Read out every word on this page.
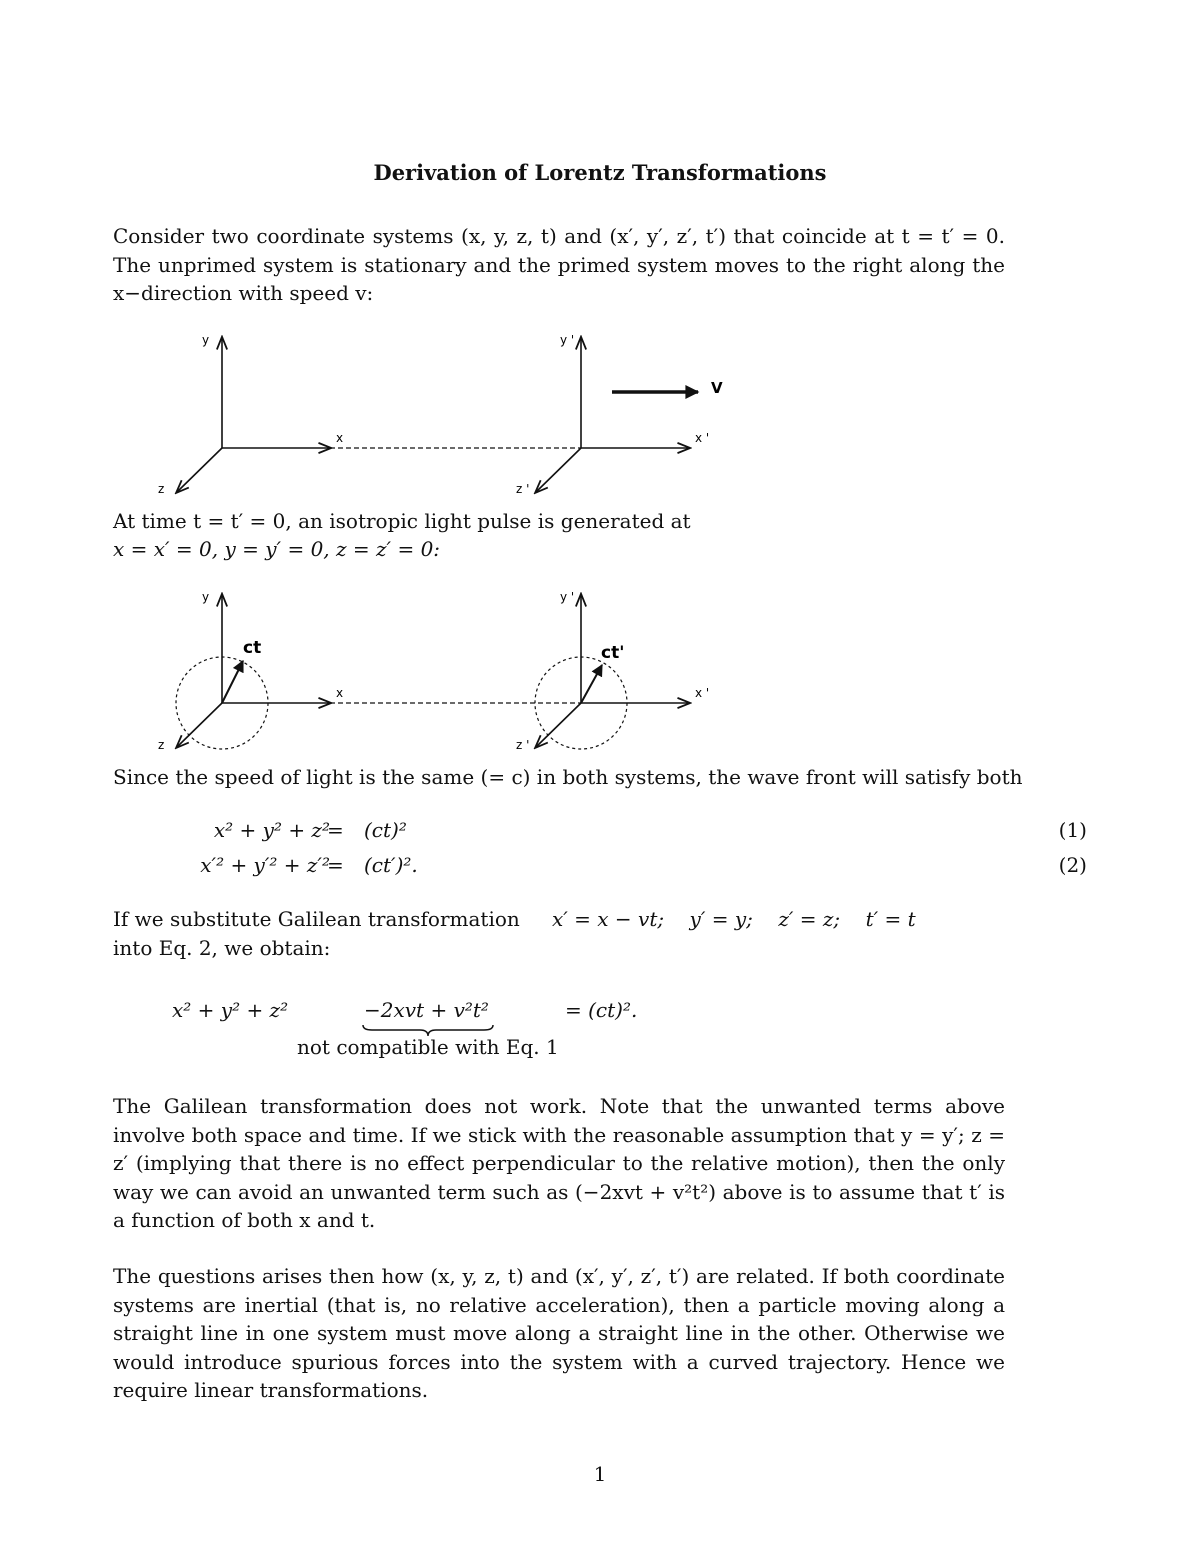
Derivation of Lorentz Transformations

Consider two coordinate systems (x, y, z, t) and (x′, y′, z′, t′) that coincide at t = t′ = 0. The unprimed system is stationary and the primed system moves to the right along the x−direction with speed v:

y
x
z
y '
x '
z '
V
At time t = t′ = 0, an isotropic light pulse is generated at
x = x′ = 0, y = y′ = 0, z = z′ = 0:
ct
y
x
z
ct'
y '
x '
z '
Since the speed of light is the same (= c) in both systems, the wave front will satisfy both
x² + y² + z²
= (ct)²	(1)
x′² + y′² + z′²
= (ct′)².	(2)
If we substitute Galilean transformation x′ = x − vt;    y′ = y;    z′ = z;    t′ = t
into Eq. 2, we obtain:
x² + y² + z²	−2xvt + v²t²	= (ct)².
not compatible with Eq. 1

The Galilean transformation does not work. Note that the unwanted terms above involve both space and time. If we stick with the reasonable assumption that y = y′; z = z′ (implying that there is no effect perpendicular to the relative motion), then the only way we can avoid an unwanted term such as (−2xvt + v²t²) above is to assume that t′ is a function of both x and t.

The questions arises then how (x, y, z, t) and (x′, y′, z′, t′) are related. If both coordinate systems are inertial (that is, no relative acceleration), then a particle moving along a straight line in one system must move along a straight line in the other. Otherwise we would introduce spurious forces into the system with a curved trajectory. Hence we require linear transformations.

1
